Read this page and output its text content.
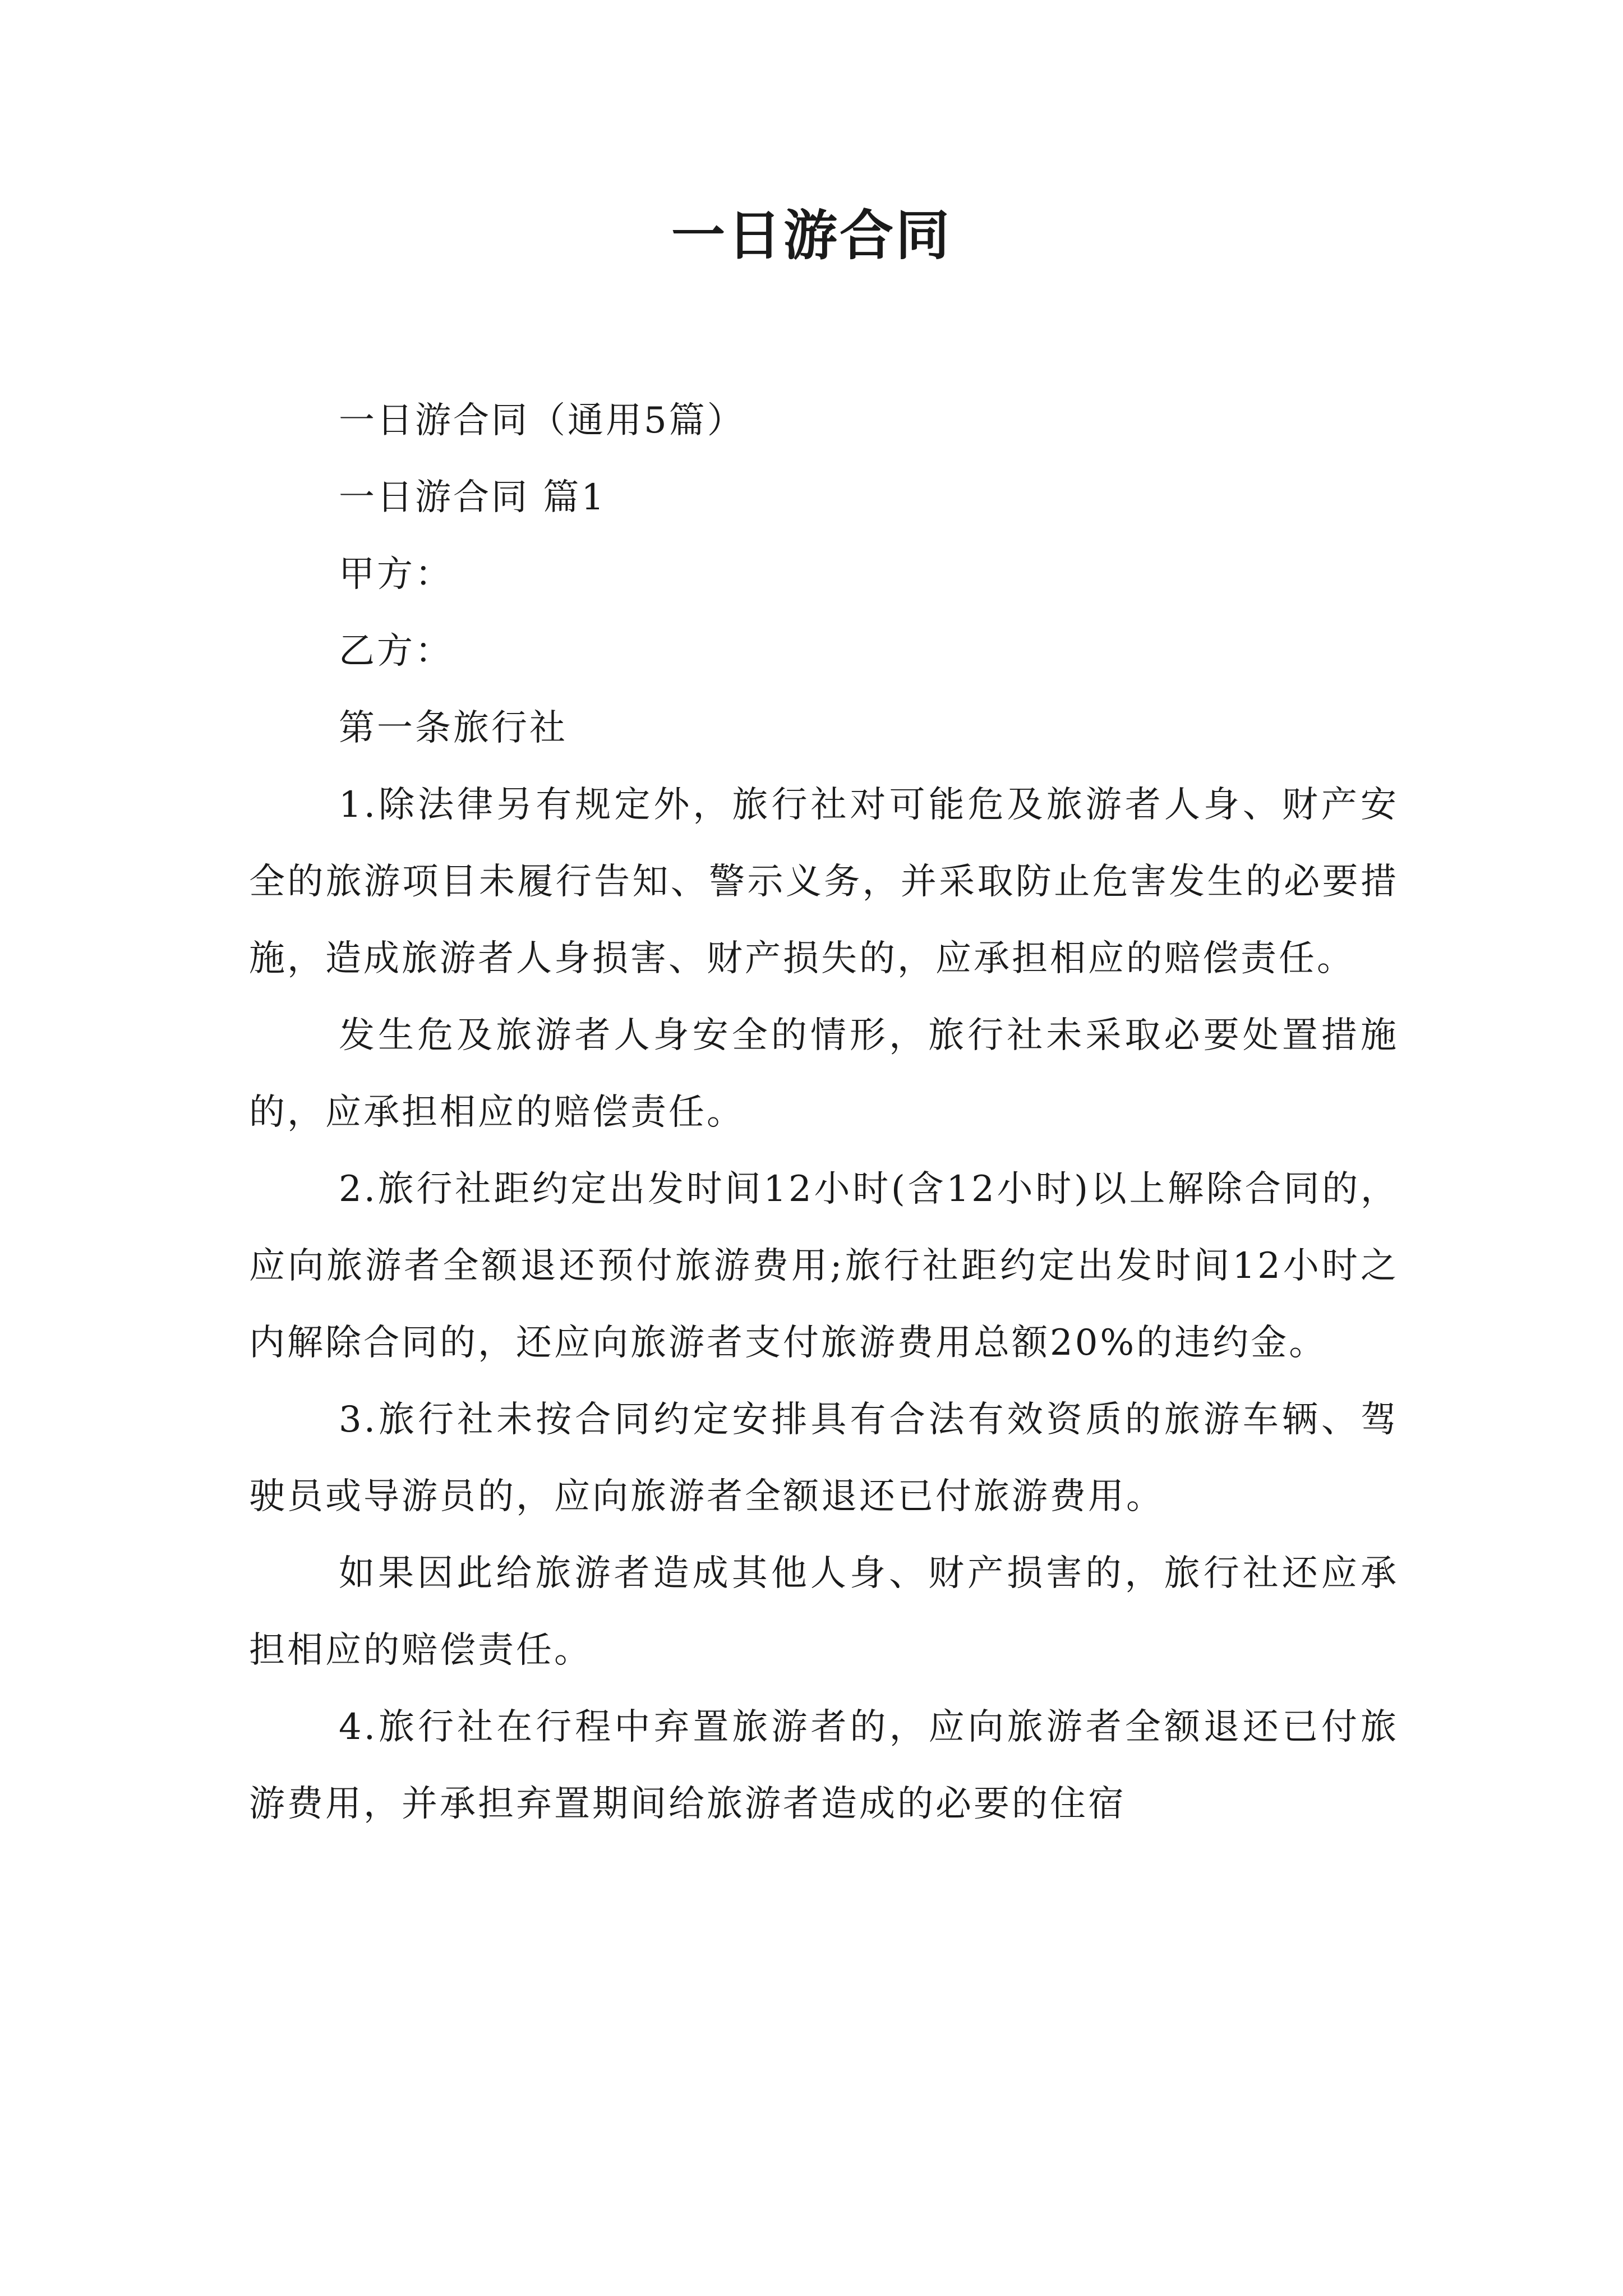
一日游合同

一日游合同（通用5篇）

一日游合同 篇1

甲方：

乙方：

第一条旅行社

1.除法律另有规定外，旅行社对可能危及旅游者人身、财产安全的旅游项目未履行告知、警示义务，并采取防止危害发生的必要措施，造成旅游者人身损害、财产损失的，应承担相应的赔偿责任。

发生危及旅游者人身安全的情形，旅行社未采取必要处置措施的，应承担相应的赔偿责任。

2.旅行社距约定出发时间12小时(含12小时)以上解除合同的，应向旅游者全额退还预付旅游费用;旅行社距约定出发时间12小时之内解除合同的，还应向旅游者支付旅游费用总额20%的违约金。

3.旅行社未按合同约定安排具有合法有效资质的旅游车辆、驾驶员或导游员的，应向旅游者全额退还已付旅游费用。

如果因此给旅游者造成其他人身、财产损害的，旅行社还应承担相应的赔偿责任。

4.旅行社在行程中弃置旅游者的，应向旅游者全额退还已付旅游费用，并承担弃置期间给旅游者造成的必要的住宿
